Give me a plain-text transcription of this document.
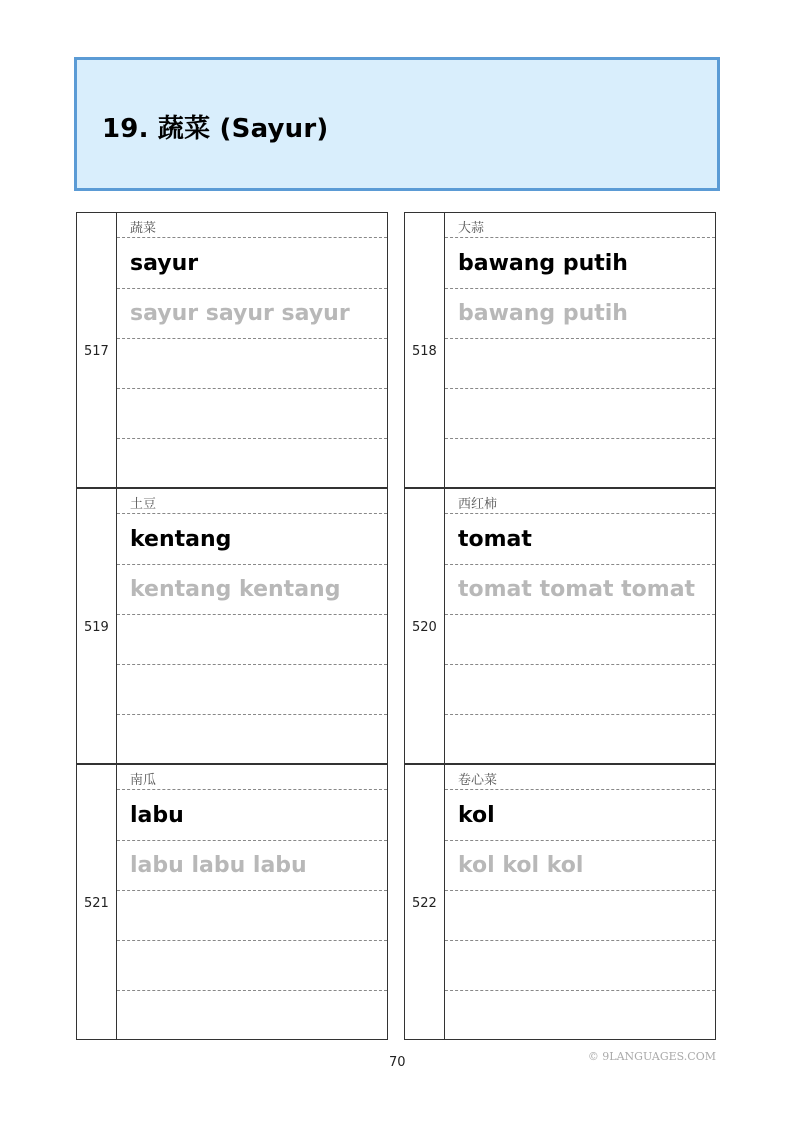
19. 蔬菜 (Sayur)
517
蔬菜
sayur
sayur sayur sayur
518
大蒜
bawang putih
bawang putih
519
土豆
kentang
kentang kentang
520
西红柿
tomat
tomat tomat tomat
521
南瓜
labu
labu labu labu
522
卷心菜
kol
kol kol kol
70	© 9LANGUAGES.COM
